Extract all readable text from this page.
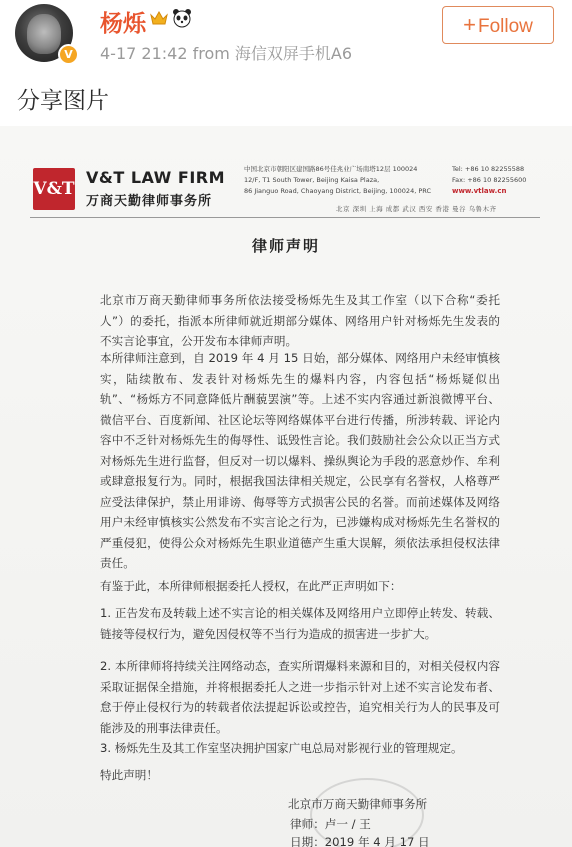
V
杨烁
4-17 21:42 from 海信双屏手机A6
+ Follow
分享图片
V&T
V&T LAW FIRM
万商天勤律师事务所
中国北京市朝阳区建国路86号佳兆业广场南塔12层 100024
12/F, T1 South Tower, Beijing Kaisa Plaza,
86 Jianguo Road, Chaoyang District, Beijing, 100024, PRC
Tel: +86 10 82255588
Fax: +86 10 82255600
www.vtlaw.cn
北京 深圳 上海 成都 武汉 西安 香港 曼谷 乌鲁木齐
律师声明
北京市万商天勤律师事务所依法接受杨烁先生及其工作室（以下合称“委托人”）的委托，指派本所律师就近期部分媒体、网络用户针对杨烁先生发表的不实言论事宜，公开发布本律师声明。
本所律师注意到，自 2019 年 4 月 15 日始，部分媒体、网络用户未经审慎核实，陆续散布、发表针对杨烁先生的爆料内容，内容包括“杨烁疑似出轨”、“杨烁方不同意降低片酬藐罢演”等。上述不实内容通过新浪微博平台、微信平台、百度新闻、社区论坛等网络媒体平台进行传播，所涉转载、评论内容中不乏针对杨烁先生的侮辱性、诋毁性言论。我们鼓励社会公众以正当方式对杨烁先生进行监督，但反对一切以爆料、操纵舆论为手段的恶意炒作、牟利或肆意报复行为。同时，根据我国法律相关规定，公民享有名誉权，人格尊严应受法律保护，禁止用诽谤、侮辱等方式损害公民的名誉。而前述媒体及网络用户未经审慎核实公然发布不实言论之行为，已涉嫌构成对杨烁先生名誉权的严重侵犯，使得公众对杨烁先生职业道德产生重大误解，须依法承担侵权法律责任。
有鉴于此，本所律师根据委托人授权，在此严正声明如下：
1. 正告发布及转载上述不实言论的相关媒体及网络用户立即停止转发、转载、链接等侵权行为，避免因侵权等不当行为造成的损害进一步扩大。
2. 本所律师将持续关注网络动态，查实所谓爆料来源和目的，对相关侵权内容采取证据保全措施，并将根据委托人之进一步指示针对上述不实言论发布者、怠于停止侵权行为的转载者依法提起诉讼或控告，追究相关行为人的民事及可能涉及的刑事法律责任。
3. 杨烁先生及其工作室坚决拥护国家广电总局对影视行业的管理规定。
特此声明！
北京市万商天勤律师事务所
律师：卢一 / 王
日期：2019 年 4 月 17 日
